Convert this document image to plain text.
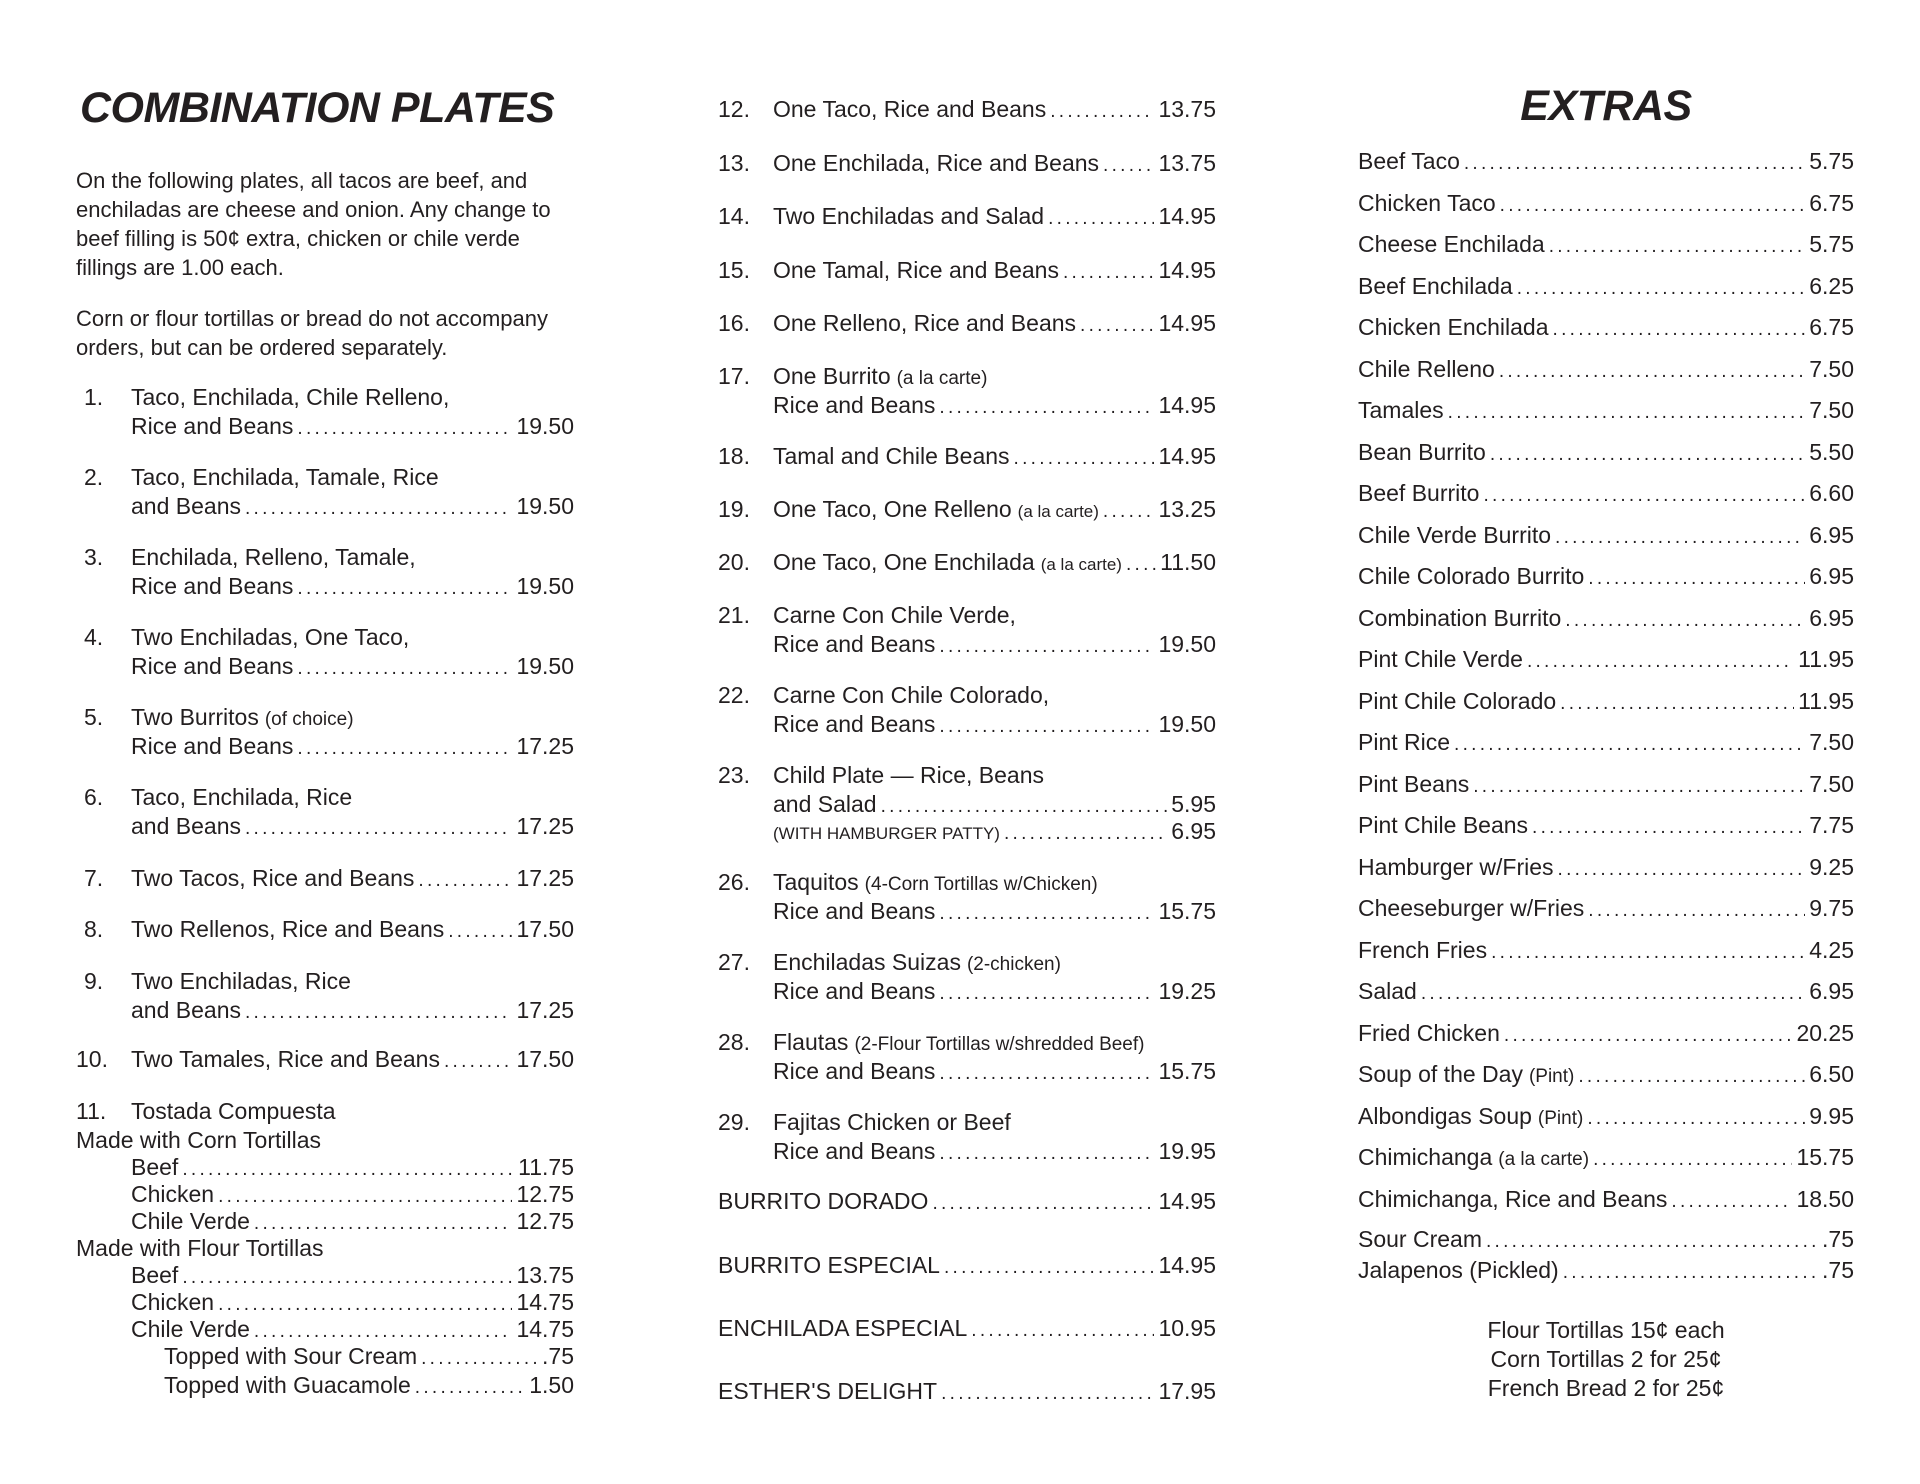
COMBINATION PLATES

On the following plates, all tacos are beef, and enchiladas are cheese and onion. Any change to beef filling is 50¢ extra, chicken or chile verde fillings are 1.00 each.

Corn or flour tortillas or bread do not accompany orders, but can be ordered separately.

1. Taco, Enchilada, Chile Relleno,
Rice and Beans . . .	19.50
2. Taco, Enchilada, Tamale, Rice
and Beans . . .	19.50
3. Enchilada, Relleno, Tamale,
Rice and Beans . . .	19.50
4. Two Enchiladas, One Taco,
Rice and Beans . . .	19.50
5. Two Burritos (of choice)
Rice and Beans . . .	17.25
6. Taco, Enchilada, Rice
and Beans . . .	17.25
7. Two Tacos, Rice and Beans . . .	17.25
8. Two Rellenos, Rice and Beans . . .	17.50
9. Two Enchiladas, Rice
and Beans . . .	17.25
10. Two Tamales, Rice and Beans . . .	17.50
11. Tostada Compuesta
Made with Corn Tortillas
Beef . . .	11.75
Chicken . . .	12.75
Chile Verde . . .	12.75
Made with Flour Tortillas
Beef . . .	13.75
Chicken . . .	14.75
Chile Verde . . .	14.75
Topped with Sour Cream . . .	.75
Topped with Guacamole . . .	1.50
12. One Taco, Rice and Beans . . .	13.75
13. One Enchilada, Rice and Beans . . .	13.75
14. Two Enchiladas and Salad . . .	14.95
15. One Tamal, Rice and Beans . . .	14.95
16. One Relleno, Rice and Beans . . .	14.95
17. One Burrito (a la carte)
Rice and Beans . . .	14.95
18. Tamal and Chile Beans . . .	14.95
19. One Taco, One Relleno (a la carte) . . .	13.25
20. One Taco, One Enchilada (a la carte) . . . 11.50
21. Carne Con Chile Verde,
Rice and Beans . . .	19.50
22. Carne Con Chile Colorado,
Rice and Beans . . .	19.50
23. Child Plate — Rice, Beans
and Salad . . .	5.95
(WITH HAMBURGER PATTY) . . .	6.95
26. Taquitos (4-Corn Tortillas w/Chicken)
Rice and Beans . . .	15.75
27. Enchiladas Suizas (2-chicken)
Rice and Beans . . .	19.25
28. Flautas (2-Flour Tortillas w/shredded Beef)
Rice and Beans . . .	15.75
29. Fajitas Chicken or Beef
Rice and Beans . . .	19.95
BURRITO DORADO . . .	14.95
BURRITO ESPECIAL . . .	14.95
ENCHILADA ESPECIAL . . .	10.95
ESTHER'S DELIGHT . . .	17.95
EXTRAS
Beef Taco . . .	5.75
Chicken Taco . . .	6.75
Cheese Enchilada . . .	5.75
Beef Enchilada . . .	6.25
Chicken Enchilada . . .	6.75
Chile Relleno . . .	7.50
Tamales . . .	7.50
Bean Burrito . . .	5.50
Beef Burrito . . .	6.60
Chile Verde Burrito . . .	6.95
Chile Colorado Burrito . . .	6.95
Combination Burrito . . .	6.95
Pint Chile Verde . . .	11.95
Pint Chile Colorado . . .	11.95
Pint Rice . . .	7.50
Pint Beans . . .	7.50
Pint Chile Beans . . .	7.75
Hamburger w/Fries . . .	9.25
Cheeseburger w/Fries . . .	9.75
French Fries . . .	4.25
Salad . . .	6.95
Fried Chicken . . .	20.25
Soup of the Day (Pint) . . .	6.50
Albondigas Soup (Pint) . . .	9.95
Chimichanga (a la carte) . . .	15.75
Chimichanga, Rice and Beans . . .	18.50
Sour Cream . . .	.75
Jalapenos (Pickled) . . .	.75
Flour Tortillas 15¢ each
Corn Tortillas 2 for 25¢
French Bread 2 for 25¢
